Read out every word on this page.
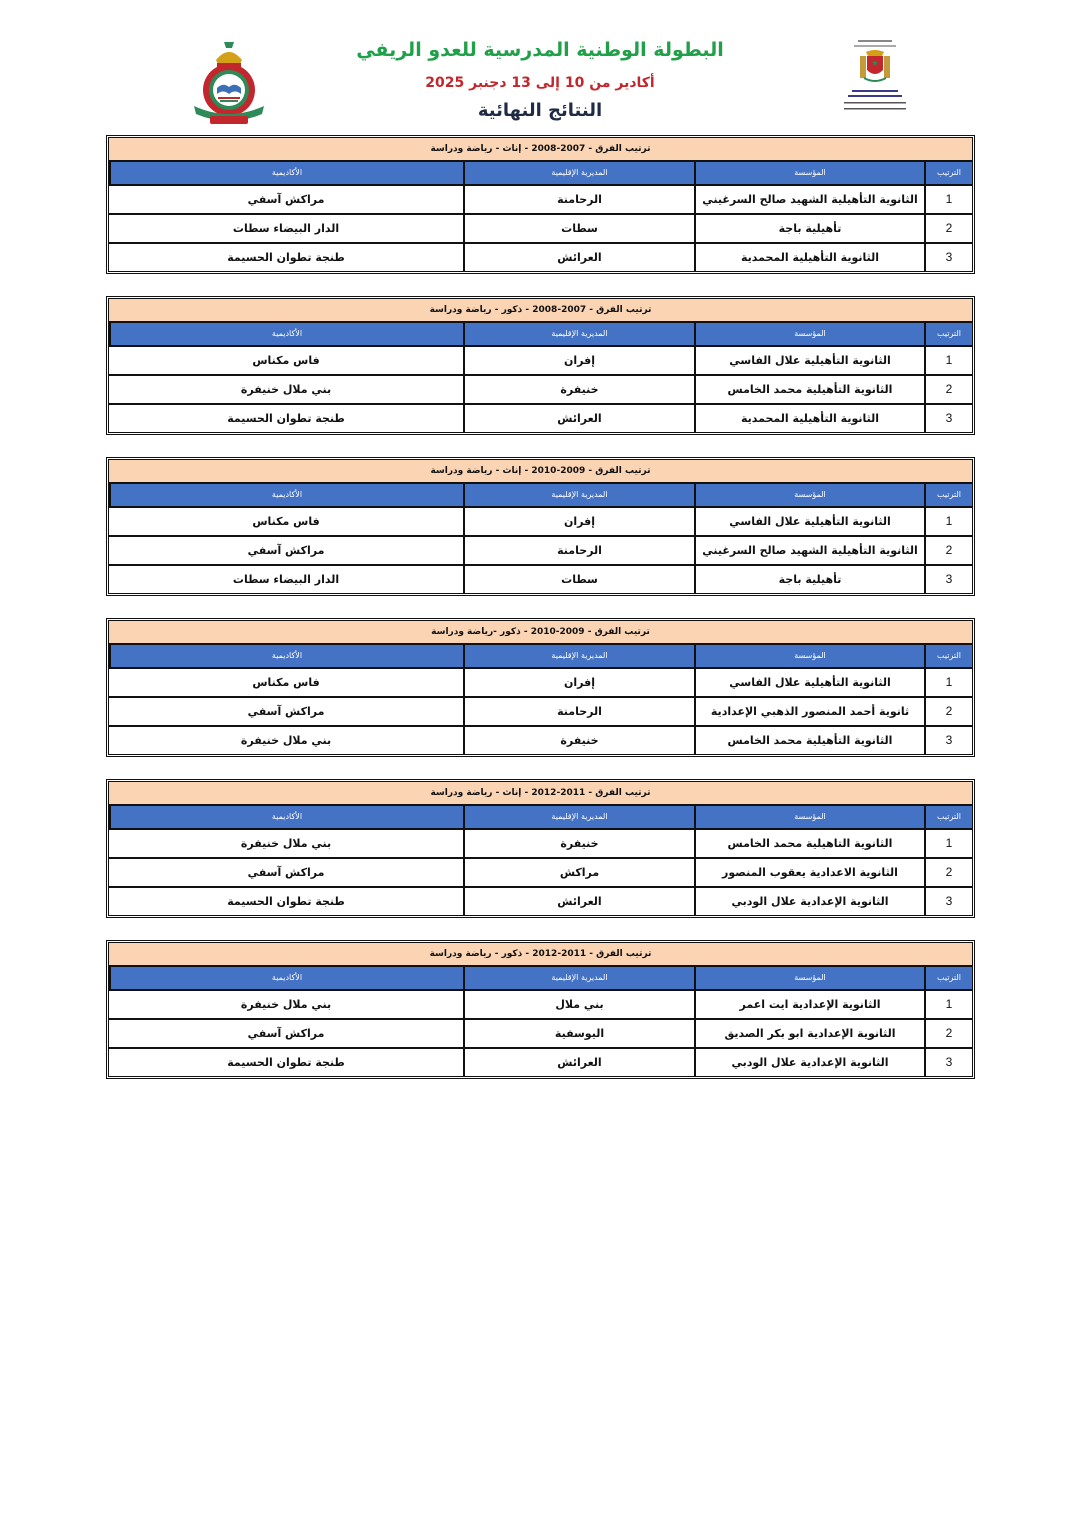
البطولة الوطنية المدرسية للعدو الريفي
أكادير من 10 إلى 13 دجنبر 2025
النتائج النهائية
ترتيب الفرق - 2007-2008 - إناث - رياضة ودراسة
الترتيب
المؤسسة
المديرية الإقليمية
الأكاديمية
1
الثانوية التأهيلية الشهيد صالح السرغيني
الرحامنة
مراكش آسفي
2
تأهيلية باجة
سطات
الدار البيضاء سطات
3
الثانوية التأهيلية المحمدية
العرائش
طنجة تطوان الحسيمة
ترتيب الفرق - 2007-2008 - ذكور - رياضة ودراسة
الترتيب
المؤسسة
المديرية الإقليمية
الأكاديمية
1
الثانوية التأهيلية علال الفاسي
إفران
فاس مكناس
2
الثانوية التأهيلية محمد الخامس
خنيفرة
بني ملال خنيفرة
3
الثانوية التأهيلية المحمدية
العرائش
طنجة تطوان الحسيمة
ترتيب الفرق - 2009-2010 - إناث - رياضة ودراسة
الترتيب
المؤسسة
المديرية الإقليمية
الأكاديمية
1
الثانوية التأهيلية علال الفاسي
إفران
فاس مكناس
2
الثانوية التأهيلية الشهيد صالح السرغيني
الرحامنة
مراكش آسفي
3
تأهيلية باجة
سطات
الدار البيضاء سطات
ترتيب الفرق - 2009-2010 - ذكور -رياضة ودراسة
الترتيب
المؤسسة
المديرية الإقليمية
الأكاديمية
1
الثانوية التأهيلية علال الفاسي
إفران
فاس مكناس
2
ثانوية أحمد المنصور الذهبي الإعدادية
الرحامنة
مراكش آسفي
3
الثانوية التأهيلية محمد الخامس
خنيفرة
بني ملال خنيفرة
ترتيب الفرق - 2011-2012 - إناث - رياضة ودراسة
الترتيب
المؤسسة
المديرية الإقليمية
الأكاديمية
1
الثانوية التاهيلية محمد الخامس
خنيفرة
بني ملال خنيفرة
2
الثانوية الاعدادية يعقوب المنصور
مراكش
مراكش آسفي
3
الثانوية الإعدادية علال الودبي
العرائش
طنجة تطوان الحسيمة
ترتيب الفرق - 2011-2012 - ذكور - رياضة ودراسة
الترتيب
المؤسسة
المديرية الإقليمية
الأكاديمية
1
الثانوية الإعدادية ايت اعمر
بني ملال
بني ملال خنيفرة
2
الثانوية الإعدادية ابو بكر الصديق
اليوسفية
مراكش آسفي
3
الثانوية الإعدادية علال الودبي
العرائش
طنجة تطوان الحسيمة
